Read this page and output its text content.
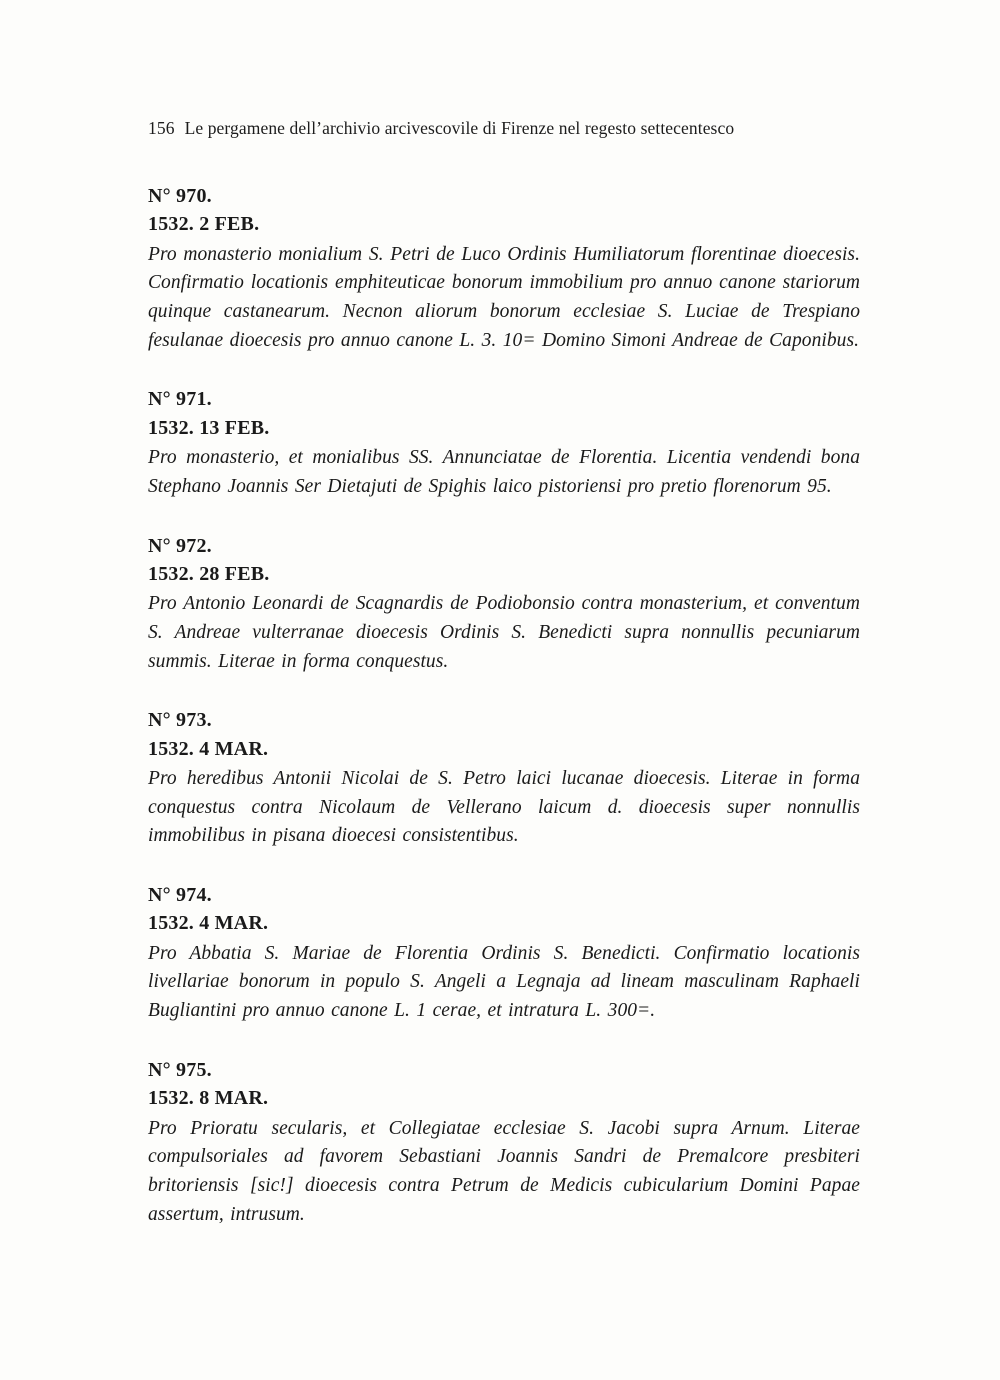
156 Le pergamene dell’archivio arcivescovile di Firenze nel regesto settecentesco
N° 970.
1532. 2 FEB.
Pro monasterio monialium S. Petri de Luco Ordinis Humiliatorum florentinae dioecesis. Confirmatio locationis emphiteuticae bonorum immobilium pro annuo canone stariorum quinque castanearum. Necnon aliorum bonorum ecclesiae S. Luciae de Trespiano fesulanae dioecesis pro annuo canone L. 3. 10= Domino Simoni Andreae de Caponibus.
N° 971.
1532. 13 FEB.
Pro monasterio, et monialibus SS. Annunciatae de Florentia. Licentia vendendi bona Stephano Joannis Ser Dietajuti de Spighis laico pistoriensi pro pretio florenorum 95.
N° 972.
1532. 28 FEB.
Pro Antonio Leonardi de Scagnardis de Podiobonsio contra monasterium, et conventum S. Andreae vulterranae dioecesis Ordinis S. Benedicti supra nonnullis pecuniarum summis. Literae in forma conquestus.
N° 973.
1532. 4 MAR.
Pro heredibus Antonii Nicolai de S. Petro laici lucanae dioecesis. Literae in forma conquestus contra Nicolaum de Vellerano laicum d. dioecesis super nonnullis immobilibus in pisana dioecesi consistentibus.
N° 974.
1532. 4 MAR.
Pro Abbatia S. Mariae de Florentia Ordinis S. Benedicti. Confirmatio locationis livellariae bonorum in populo S. Angeli a Legnaja ad lineam masculinam Raphaeli Bugliantini pro annuo canone L. 1 cerae, et intratura L. 300=.
N° 975.
1532. 8 MAR.
Pro Prioratu secularis, et Collegiatae ecclesiae S. Jacobi supra Arnum. Literae compulsoriales ad favorem Sebastiani Joannis Sandri de Premalcore presbiteri britoriensis [sic!] dioecesis contra Petrum de Medicis cubicularium Domini Papae assertum, intrusum.
